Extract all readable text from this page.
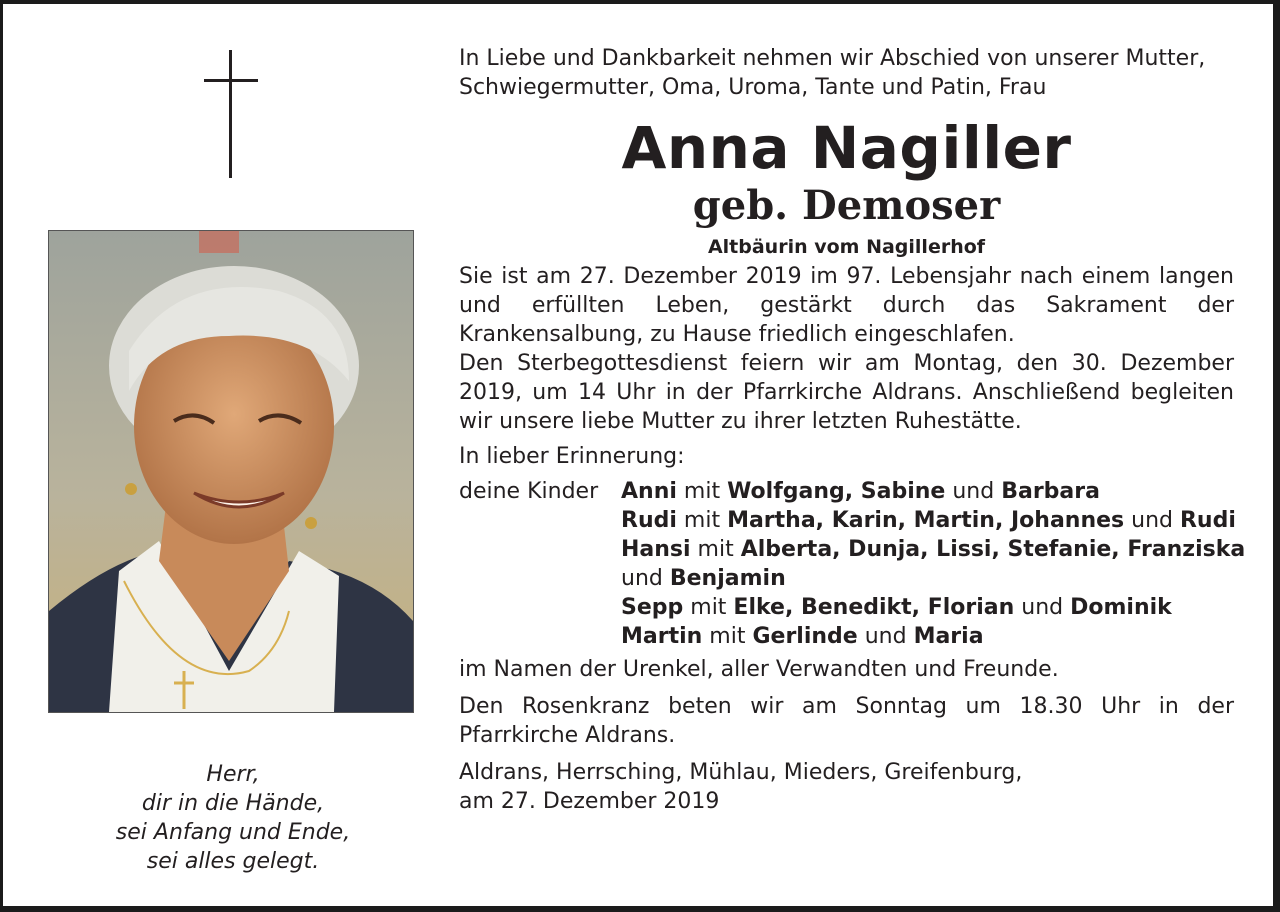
Herr,
dir in die Hände,
sei Anfang und Ende,
sei alles gelegt.
In Liebe und Dankbarkeit nehmen wir Abschied von unserer Mutter,
Schwiegermutter, Oma, Uroma, Tante und Patin, Frau
Anna Nagiller
geb. Demoser
Altbäurin vom Nagillerhof
Sie ist am 27. Dezember 2019 im 97. Lebensjahr nach einem langen und erfüllten Leben, gestärkt durch das Sakrament der Krankensalbung, zu Hause friedlich eingeschlafen.
Den Sterbegottesdienst feiern wir am Montag, den 30. Dezember 2019, um 14 Uhr in der Pfarrkirche Aldrans. Anschließend begleiten wir unsere liebe Mutter zu ihrer letzten Ruhestätte.
In lieber Erinnerung:
deine Kinder	Anni mit Wolfgang, Sabine und Barbara
Rudi mit Martha, Karin, Martin, Johannes und Rudi
Hansi mit Alberta, Dunja, Lissi, Stefanie, Franziska
und Benjamin
Sepp mit Elke, Benedikt, Florian und Dominik
Martin mit Gerlinde und Maria
im Namen der Urenkel, aller Verwandten und Freunde.
Den Rosenkranz beten wir am Sonntag um 18.30 Uhr in der Pfarrkirche Aldrans.
Aldrans, Herrsching, Mühlau, Mieders, Greifenburg,
am 27. Dezember 2019
